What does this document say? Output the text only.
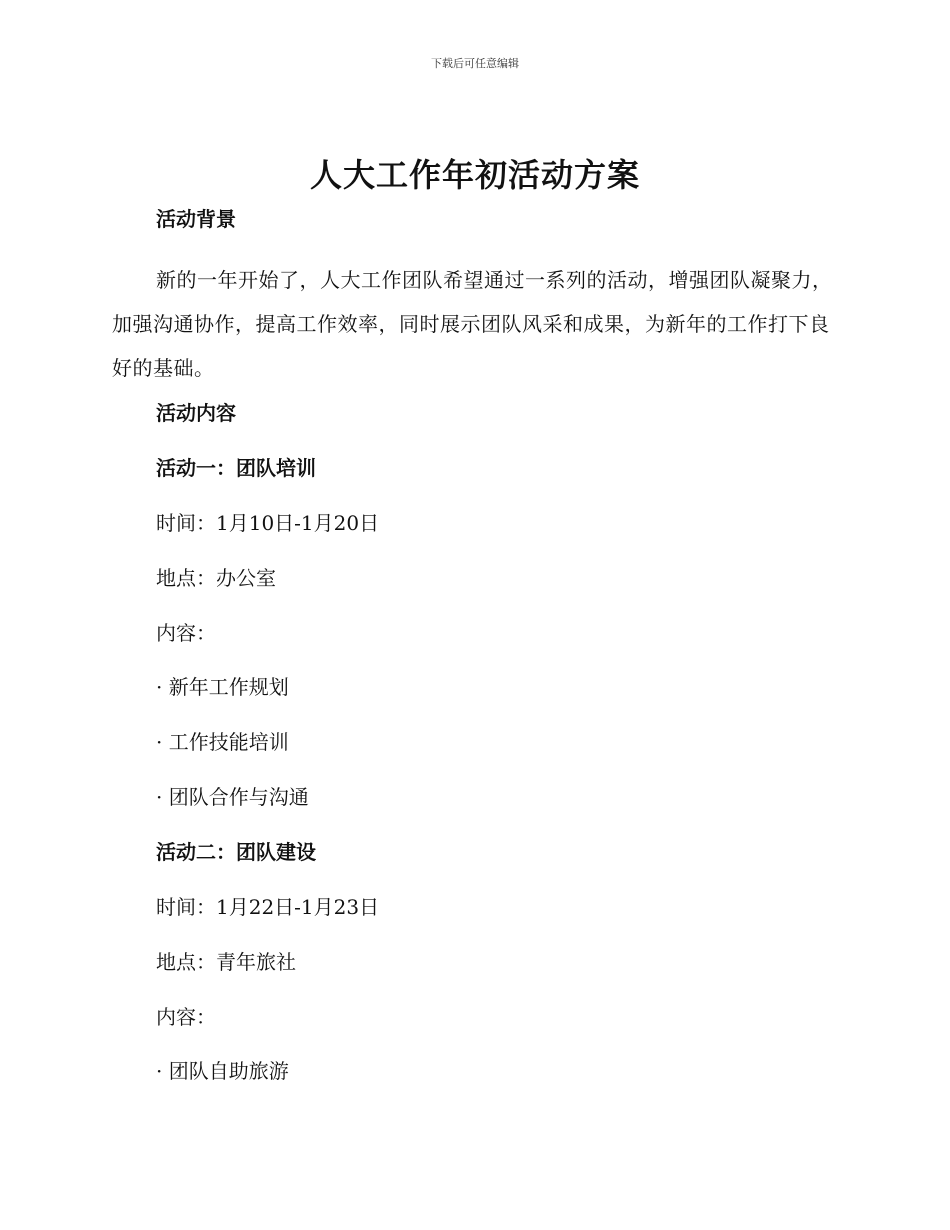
下载后可任意编辑
人大工作年初活动方案
活动背景

新的一年开始了，人大工作团队希望通过一系列的活动，增强团队凝聚力，加强沟通协作，提高工作效率，同时展示团队风采和成果，为新年的工作打下良好的基础。

活动内容
活动一：团队培训
时间：1月10日-1月20日
地点：办公室
内容：
· 新年工作规划
· 工作技能培训
· 团队合作与沟通
活动二：团队建设
时间：1月22日-1月23日
地点：青年旅社
内容：
· 团队自助旅游
